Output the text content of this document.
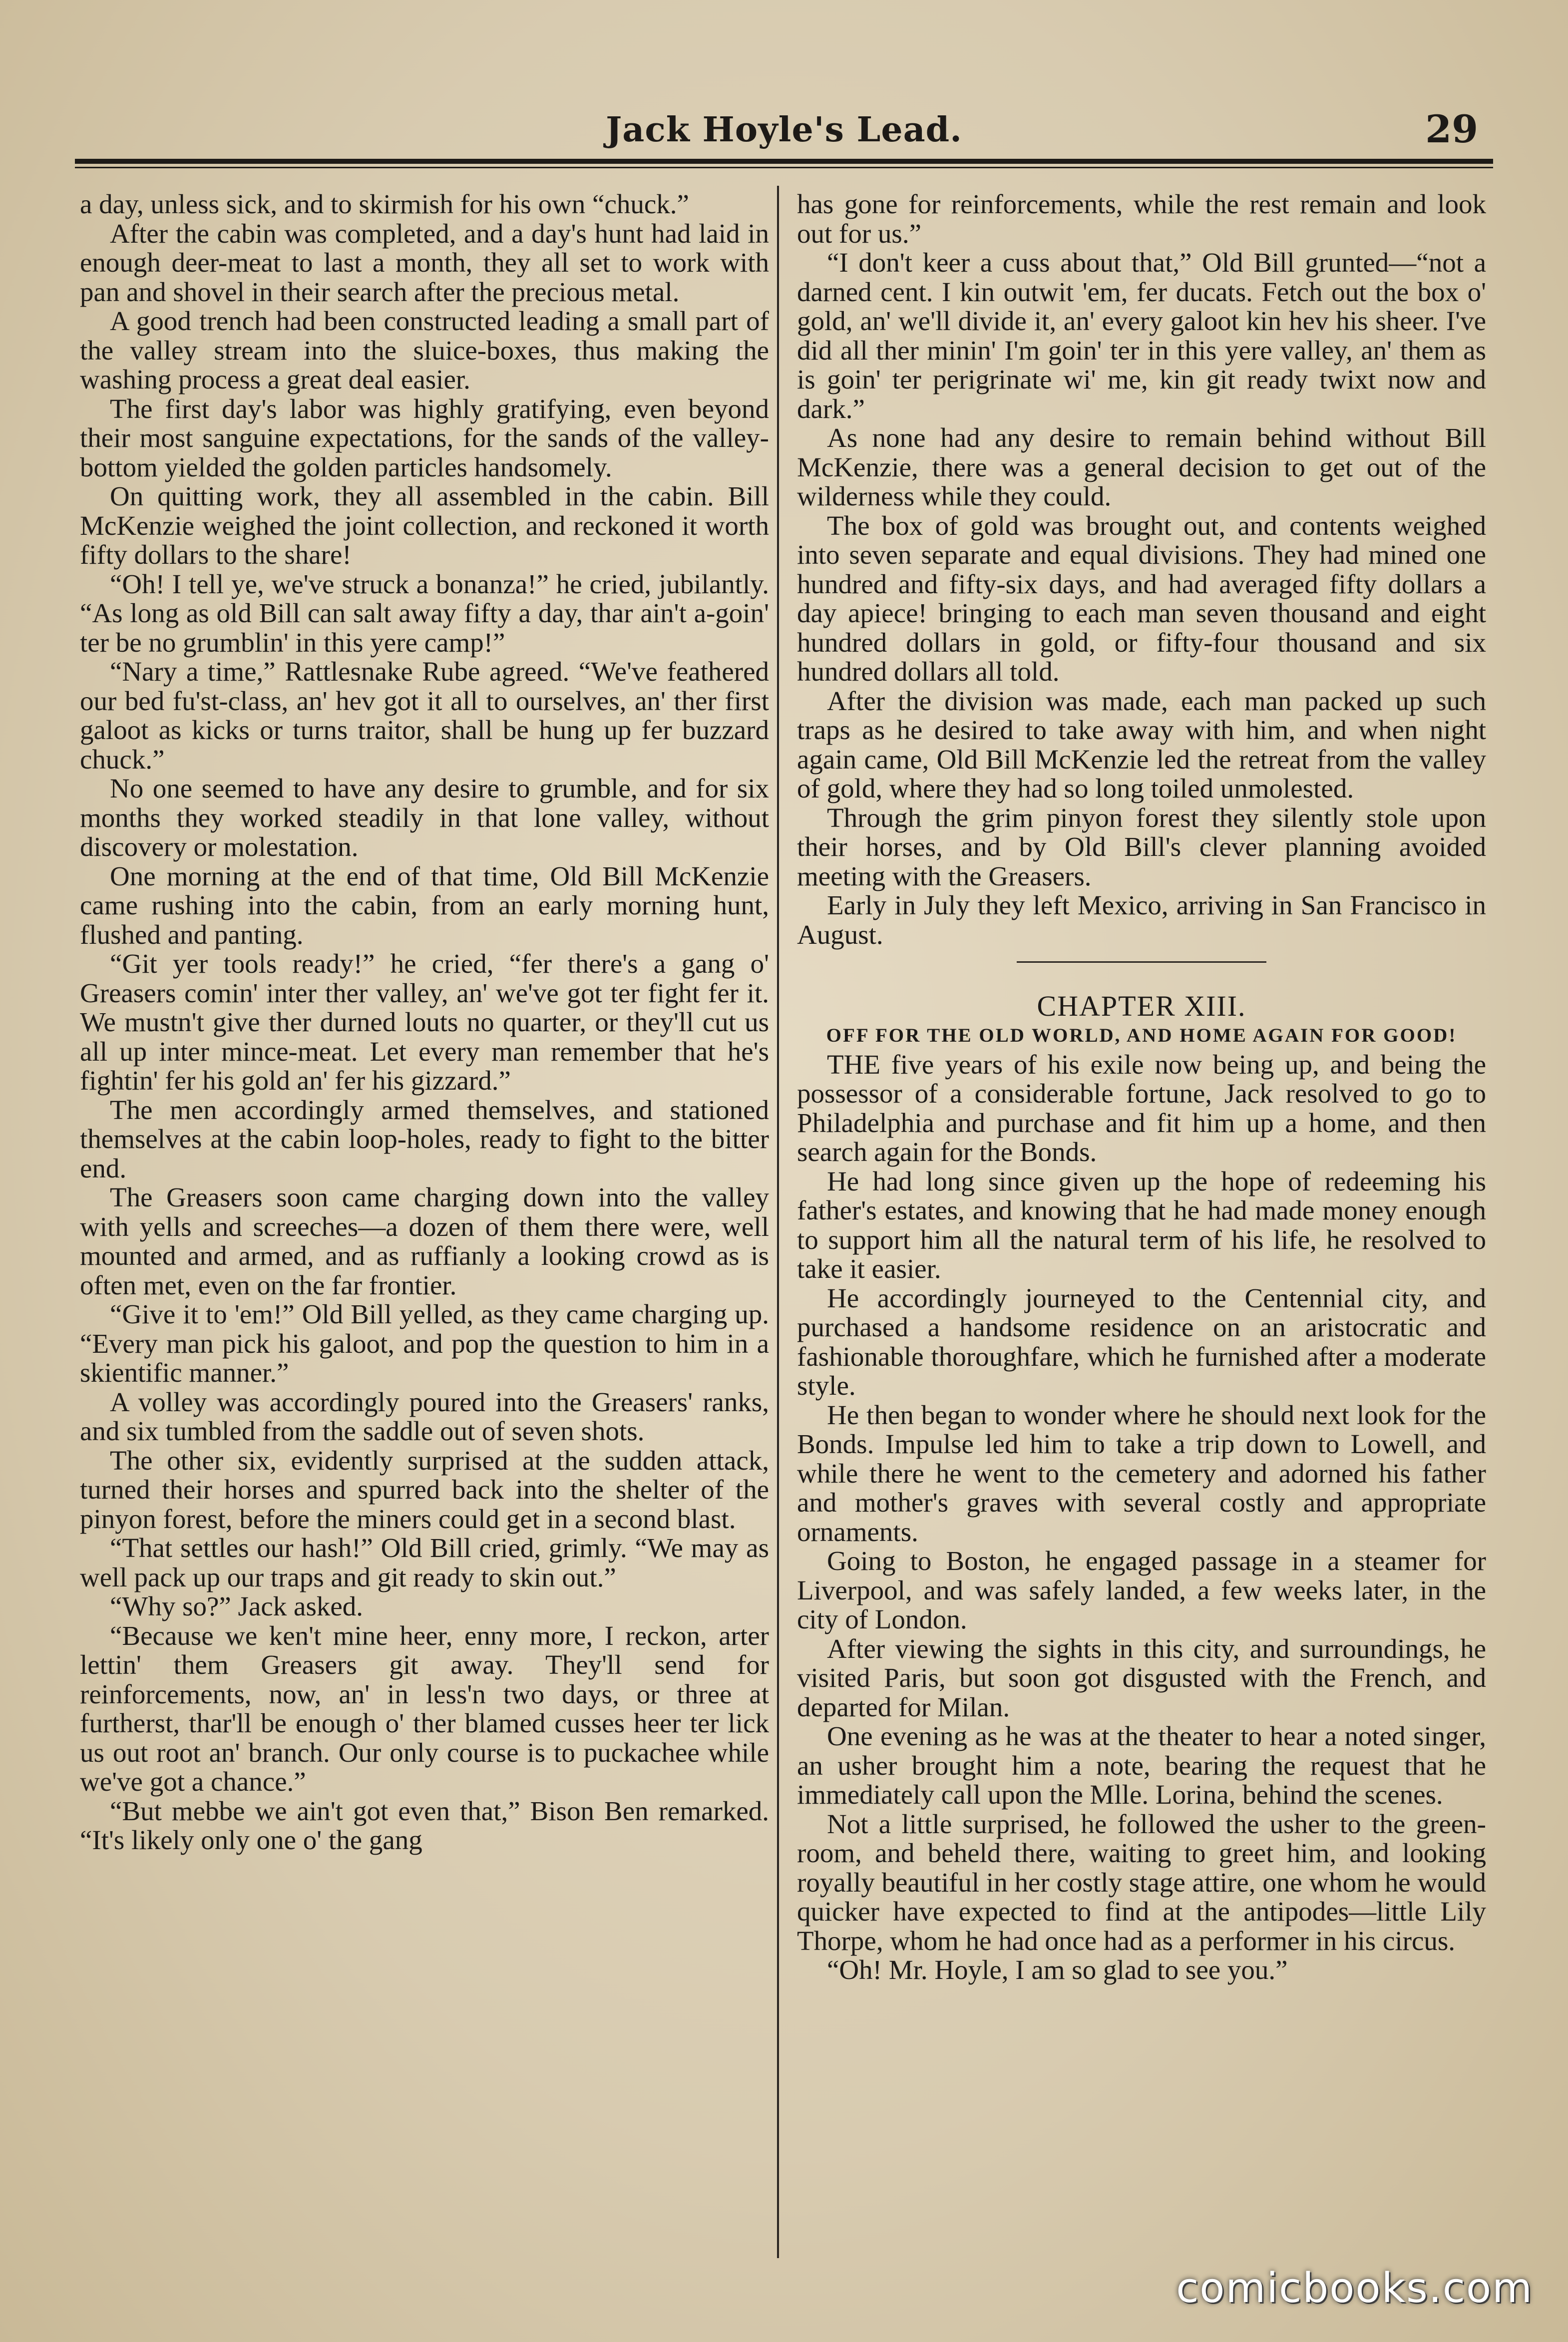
Jack Hoyle's Lead.	29

a day, unless sick, and to skirmish for his own “chuck.”

After the cabin was completed, and a day's hunt had laid in enough deer-meat to last a month, they all set to work with pan and shovel in their search after the precious metal.

A good trench had been constructed leading a small part of the valley stream into the sluice-boxes, thus making the washing process a great deal easier.

The first day's labor was highly gratifying, even beyond their most sanguine expectations, for the sands of the valley-bottom yielded the golden particles handsomely.

On quitting work, they all assembled in the cabin. Bill McKenzie weighed the joint collection, and reckoned it worth fifty dollars to the share!

“Oh! I tell ye, we've struck a bonanza!” he cried, jubilantly. “As long as old Bill can salt away fifty a day, thar ain't a-goin' ter be no grumblin' in this yere camp!”

“Nary a time,” Rattlesnake Rube agreed. “We've feathered our bed fu'st-class, an' hev got it all to ourselves, an' ther first galoot as kicks or turns traitor, shall be hung up fer buzzard chuck.”

No one seemed to have any desire to grumble, and for six months they worked steadily in that lone valley, without discovery or molestation.

One morning at the end of that time, Old Bill McKenzie came rushing into the cabin, from an early morning hunt, flushed and panting.

“Git yer tools ready!” he cried, “fer there's a gang o' Greasers comin' inter ther valley, an' we've got ter fight fer it. We mustn't give ther durned louts no quarter, or they'll cut us all up inter mince-meat. Let every man remember that he's fightin' fer his gold an' fer his gizzard.”

The men accordingly armed themselves, and stationed themselves at the cabin loop-holes, ready to fight to the bitter end.

The Greasers soon came charging down into the valley with yells and screeches—a dozen of them there were, well mounted and armed, and as ruffianly a looking crowd as is often met, even on the far frontier.

“Give it to 'em!” Old Bill yelled, as they came charging up. “Every man pick his galoot, and pop the question to him in a skientific manner.”

A volley was accordingly poured into the Greasers' ranks, and six tumbled from the saddle out of seven shots.

The other six, evidently surprised at the sudden attack, turned their horses and spurred back into the shelter of the pinyon forest, before the miners could get in a second blast.

“That settles our hash!” Old Bill cried, grimly. “We may as well pack up our traps and git ready to skin out.”

“Why so?” Jack asked.

“Because we ken't mine heer, enny more, I reckon, arter lettin' them Greasers git away. They'll send for reinforcements, now, an' in less'n two days, or three at furtherst, thar'll be enough o' ther blamed cusses heer ter lick us out root an' branch. Our only course is to puckachee while we've got a chance.”

“But mebbe we ain't got even that,” Bison Ben remarked. “It's likely only one o' the gang

has gone for reinforcements, while the rest remain and look out for us.”

“I don't keer a cuss about that,” Old Bill grunted—“not a darned cent. I kin outwit 'em, fer ducats. Fetch out the box o' gold, an' we'll divide it, an' every galoot kin hev his sheer. I've did all ther minin' I'm goin' ter in this yere valley, an' them as is goin' ter perigrinate wi' me, kin git ready twixt now and dark.”

As none had any desire to remain behind without Bill McKenzie, there was a general decision to get out of the wilderness while they could.

The box of gold was brought out, and contents weighed into seven separate and equal divisions. They had mined one hundred and fifty-six days, and had averaged fifty dollars a day apiece! bringing to each man seven thousand and eight hundred dollars in gold, or fifty-four thousand and six hundred dollars all told.

After the division was made, each man packed up such traps as he desired to take away with him, and when night again came, Old Bill McKenzie led the retreat from the valley of gold, where they had so long toiled unmolested.

Through the grim pinyon forest they silently stole upon their horses, and by Old Bill's clever planning avoided meeting with the Greasers.

Early in July they left Mexico, arriving in San Francisco in August.

CHAPTER XIII.
OFF FOR THE OLD WORLD, AND HOME AGAIN FOR GOOD!

THE five years of his exile now being up, and being the possessor of a considerable fortune, Jack resolved to go to Philadelphia and purchase and fit him up a home, and then search again for the Bonds.

He had long since given up the hope of redeeming his father's estates, and knowing that he had made money enough to support him all the natural term of his life, he resolved to take it easier.

He accordingly journeyed to the Centennial city, and purchased a handsome residence on an aristocratic and fashionable thoroughfare, which he furnished after a moderate style.

He then began to wonder where he should next look for the Bonds. Impulse led him to take a trip down to Lowell, and while there he went to the cemetery and adorned his father and mother's graves with several costly and appropriate ornaments.

Going to Boston, he engaged passage in a steamer for Liverpool, and was safely landed, a few weeks later, in the city of London.

After viewing the sights in this city, and surroundings, he visited Paris, but soon got disgusted with the French, and departed for Milan.

One evening as he was at the theater to hear a noted singer, an usher brought him a note, bearing the request that he immediately call upon the Mlle. Lorina, behind the scenes.

Not a little surprised, he followed the usher to the green-room, and beheld there, waiting to greet him, and looking royally beautiful in her costly stage attire, one whom he would quicker have expected to find at the antipodes—little Lily Thorpe, whom he had once had as a performer in his circus.

“Oh! Mr. Hoyle, I am so glad to see you.”

comicbooks.com
